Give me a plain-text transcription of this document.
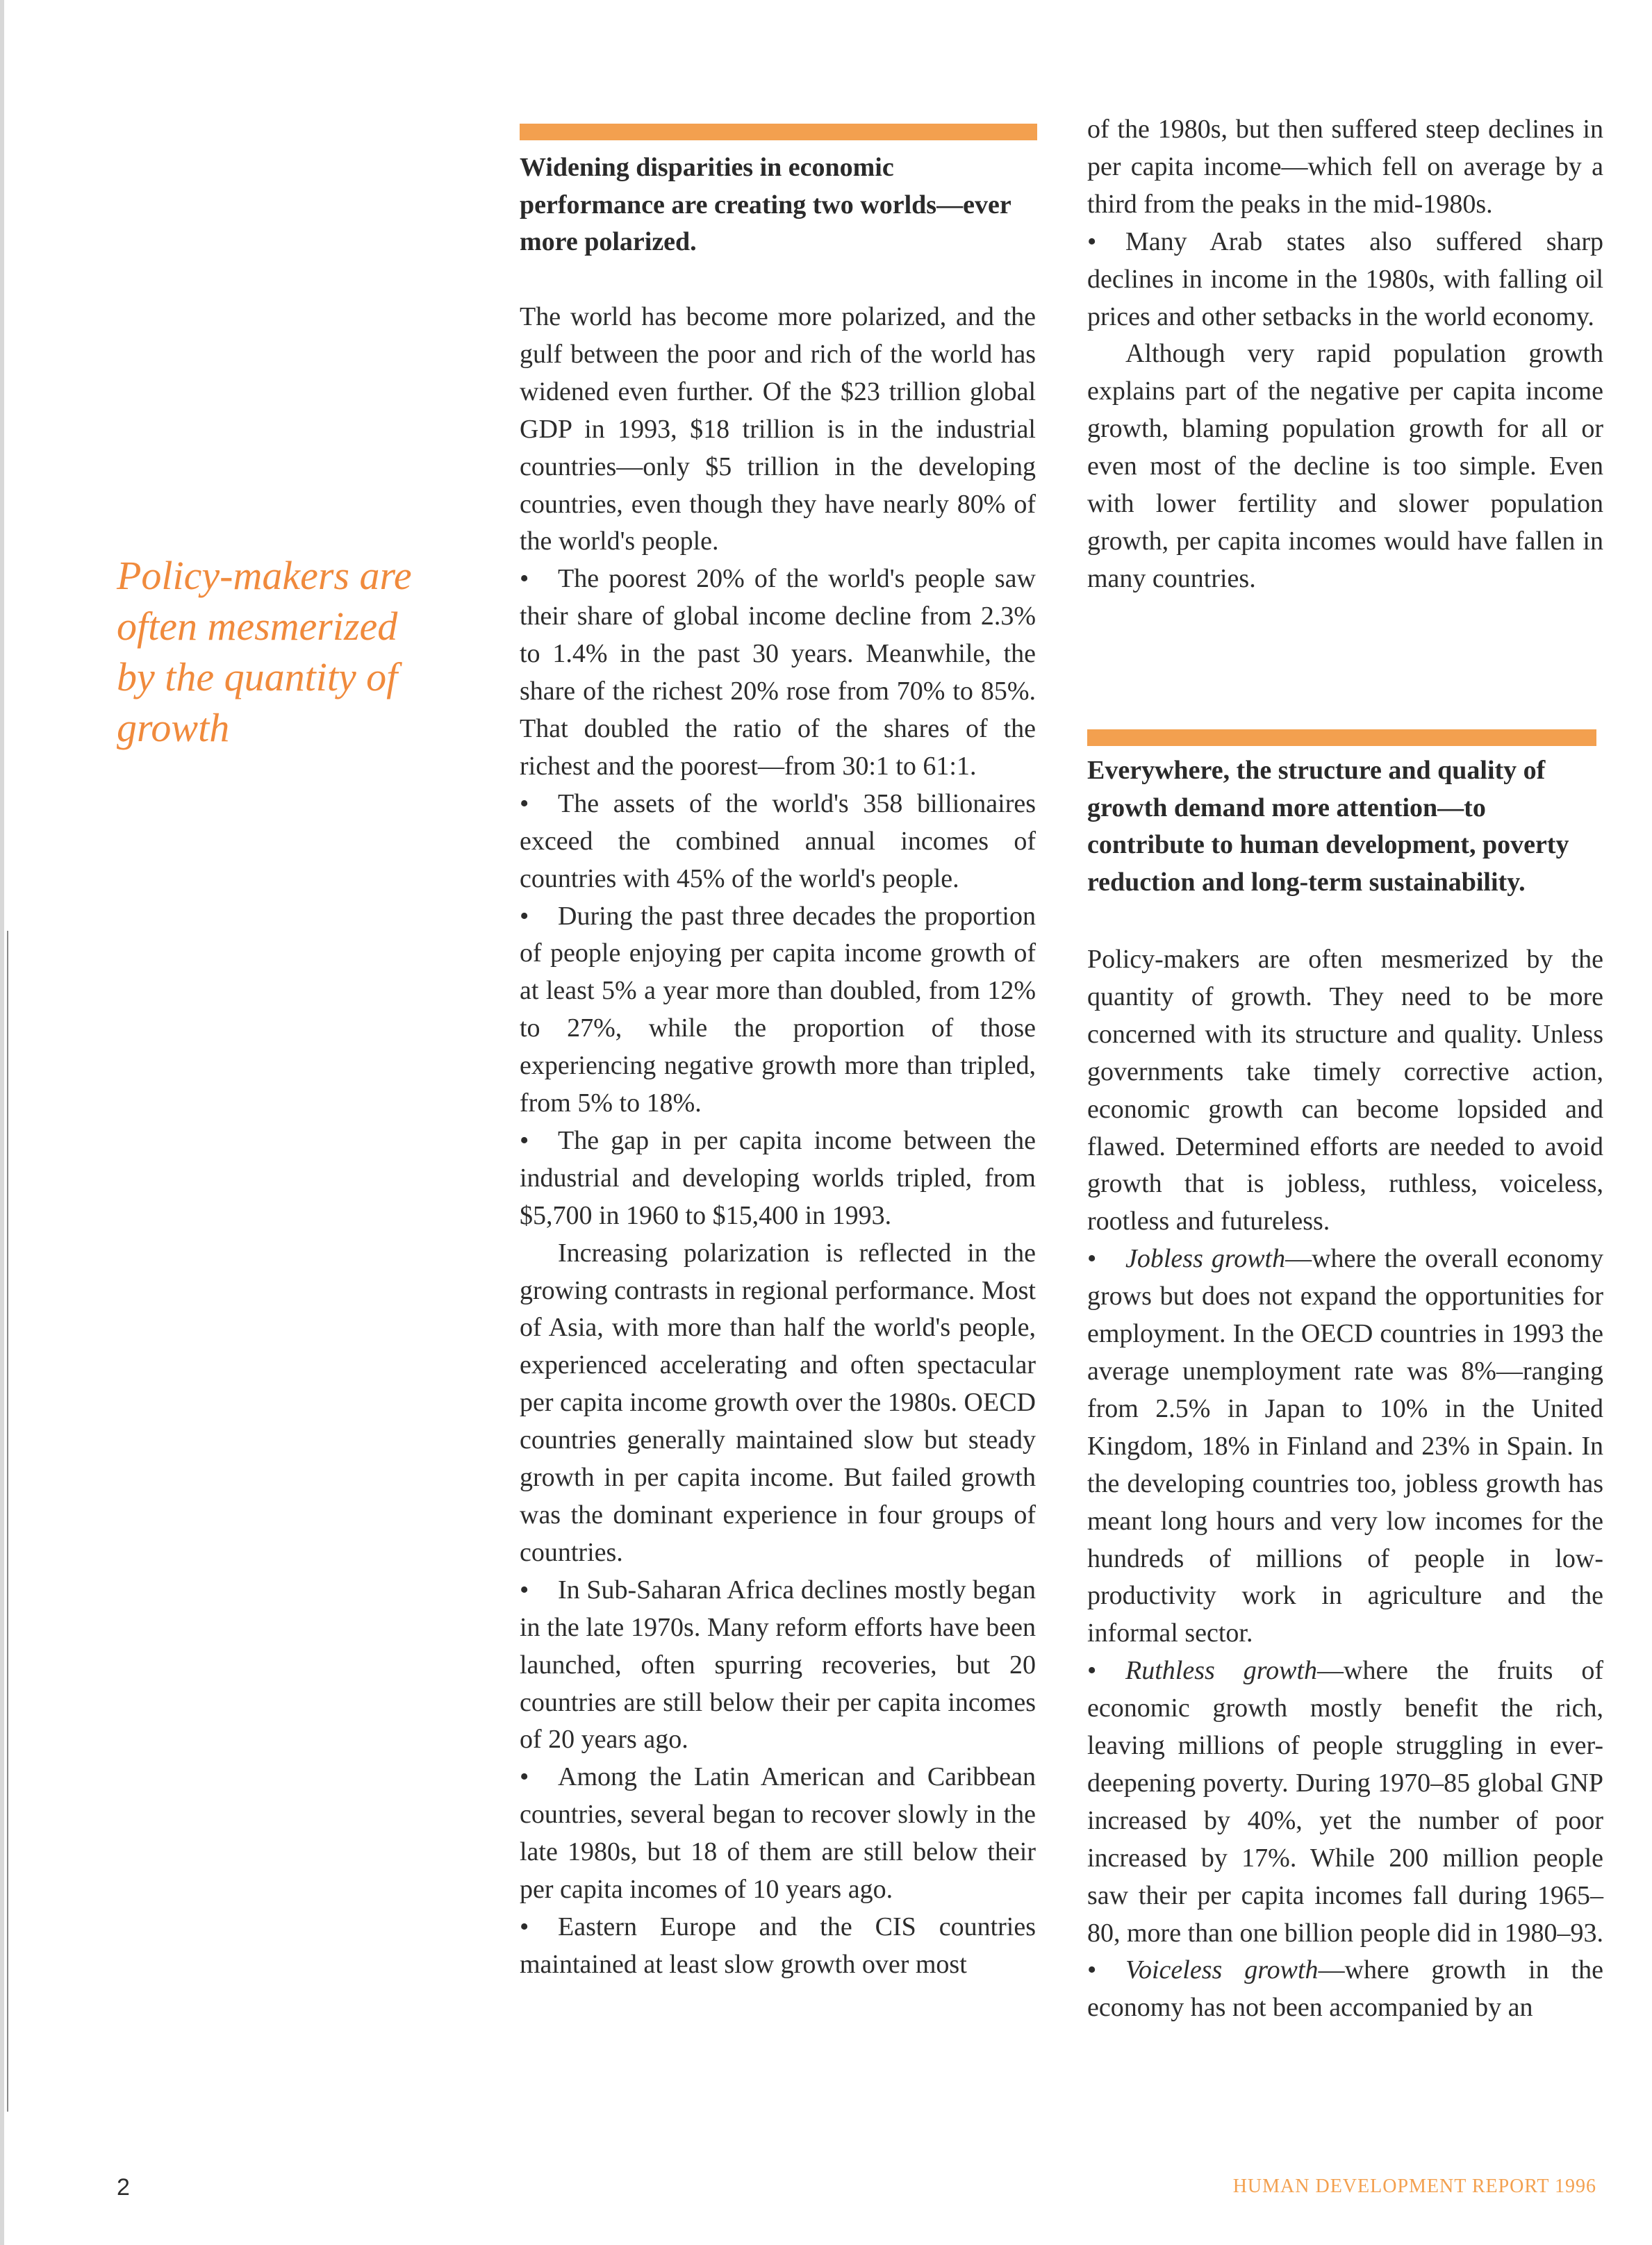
Policy-makers are often mesmerized by the quantity of growth
Widening disparities in economic performance are creating two worlds—ever more polarized.

The world has become more polarized, and the gulf between the poor and rich of the world has widened even further. Of the $23 trillion global GDP in 1993, $18 trillion is in the industrial countries—only $5 trillion in the developing countries, even though they have nearly 80% of the world's people.

• The poorest 20% of the world's people saw their share of global income decline from 2.3% to 1.4% in the past 30 years. Meanwhile, the share of the richest 20% rose from 70% to 85%. That doubled the ratio of the shares of the richest and the poorest—from 30:1 to 61:1.

• The assets of the world's 358 billionaires exceed the combined annual incomes of countries with 45% of the world's people.

• During the past three decades the proportion of people enjoying per capita income growth of at least 5% a year more than doubled, from 12% to 27%, while the proportion of those experiencing negative growth more than tripled, from 5% to 18%.

• The gap in per capita income between the industrial and developing worlds tripled, from $5,700 in 1960 to $15,400 in 1993.

Increasing polarization is reflected in the growing contrasts in regional performance. Most of Asia, with more than half the world's people, experienced accelerating and often spectacular per capita income growth over the 1980s. OECD countries generally maintained slow but steady growth in per capita income. But failed growth was the dominant experience in four groups of countries.

• In Sub-Saharan Africa declines mostly began in the late 1970s. Many reform efforts have been launched, often spurring recoveries, but 20 countries are still below their per capita incomes of 20 years ago.

• Among the Latin American and Caribbean countries, several began to recover slowly in the late 1980s, but 18 of them are still below their per capita incomes of 10 years ago.

• Eastern Europe and the CIS countries maintained at least slow growth over most

of the 1980s, but then suffered steep declines in per capita income—which fell on average by a third from the peaks in the mid-1980s.

• Many Arab states also suffered sharp declines in income in the 1980s, with falling oil prices and other setbacks in the world economy.

Although very rapid population growth explains part of the negative per capita income growth, blaming population growth for all or even most of the decline is too simple. Even with lower fertility and slower population growth, per capita incomes would have fallen in many countries.

Everywhere, the structure and quality of growth demand more attention—to contribute to human development, poverty reduction and long-term sustainability.

Policy-makers are often mesmerized by the quantity of growth. They need to be more concerned with its structure and quality. Unless governments take timely corrective action, economic growth can become lopsided and flawed. Determined efforts are needed to avoid growth that is jobless, ruthless, voiceless, rootless and futureless.

• Jobless growth—where the overall economy grows but does not expand the opportunities for employment. In the OECD countries in 1993 the average unemployment rate was 8%—ranging from 2.5% in Japan to 10% in the United Kingdom, 18% in Finland and 23% in Spain. In the developing countries too, jobless growth has meant long hours and very low incomes for the hundreds of millions of people in low-productivity work in agriculture and the informal sector.

• Ruthless growth—where the fruits of economic growth mostly benefit the rich, leaving millions of people struggling in ever-deepening poverty. During 1970–85 global GNP increased by 40%, yet the number of poor increased by 17%. While 200 million people saw their per capita incomes fall during 1965–80, more than one billion people did in 1980–93.

• Voiceless growth—where growth in the economy has not been accompanied by an

2	HUMAN DEVELOPMENT REPORT 1996
